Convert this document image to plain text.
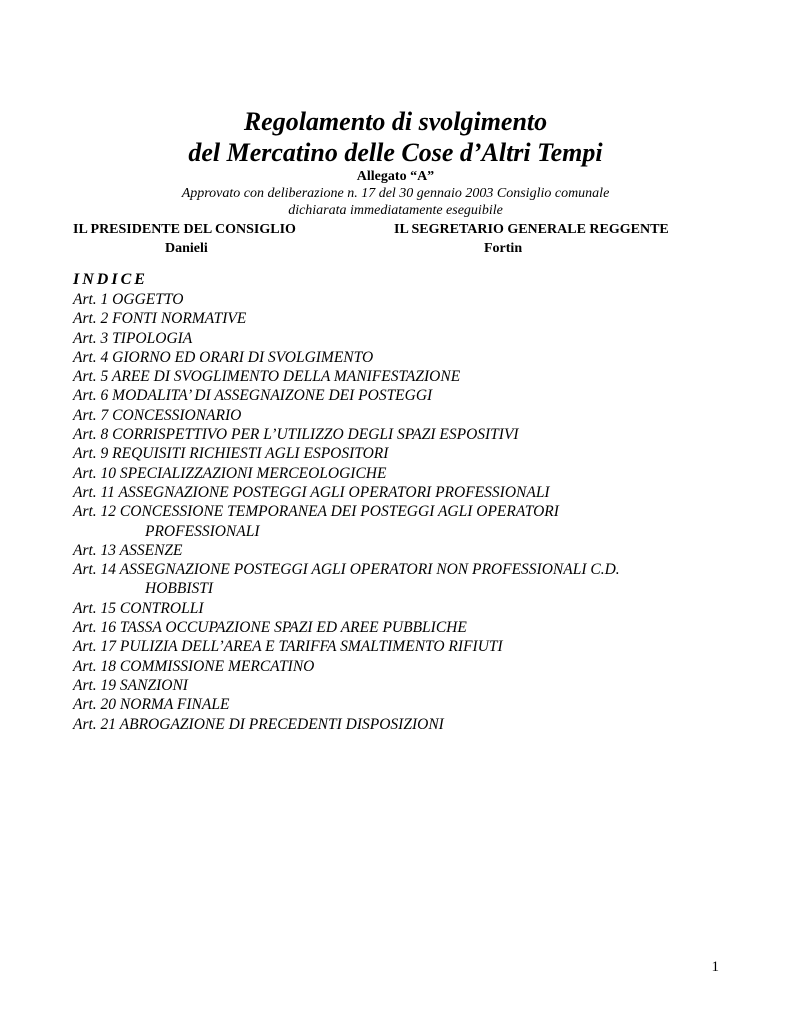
Regolamento di svolgimento
del Mercatino delle Cose d’Altri Tempi
Allegato “A”
Approvato con deliberazione n. 17 del 30 gennaio 2003 Consiglio comunale
dichiarata immediatamente eseguibile
IL PRESIDENTE DEL CONSIGLIO
Danieli
IL SEGRETARIO GENERALE REGGENTE
Fortin
INDICE
Art. 1 OGGETTO
Art. 2 FONTI NORMATIVE
Art. 3 TIPOLOGIA
Art. 4 GIORNO ED ORARI DI SVOLGIMENTO
Art. 5 AREE DI SVOGLIMENTO DELLA MANIFESTAZIONE
Art. 6 MODALITA’ DI ASSEGNAIZONE DEI POSTEGGI
Art. 7 CONCESSIONARIO
Art. 8 CORRISPETTIVO PER L’UTILIZZO DEGLI SPAZI ESPOSITIVI
Art. 9 REQUISITI RICHIESTI AGLI ESPOSITORI
Art. 10 SPECIALIZZAZIONI MERCEOLOGICHE
Art. 11 ASSEGNAZIONE POSTEGGI AGLI OPERATORI PROFESSIONALI
Art. 12 CONCESSIONE TEMPORANEA DEI POSTEGGI AGLI OPERATORI
PROFESSIONALI
Art. 13 ASSENZE
Art. 14 ASSEGNAZIONE POSTEGGI AGLI OPERATORI NON PROFESSIONALI C.D.
HOBBISTI
Art. 15 CONTROLLI
Art. 16 TASSA OCCUPAZIONE SPAZI ED AREE PUBBLICHE
Art. 17 PULIZIA DELL’AREA E TARIFFA SMALTIMENTO RIFIUTI
Art. 18 COMMISSIONE MERCATINO
Art. 19 SANZIONI
Art. 20 NORMA FINALE
Art. 21 ABROGAZIONE DI PRECEDENTI DISPOSIZIONI
1
